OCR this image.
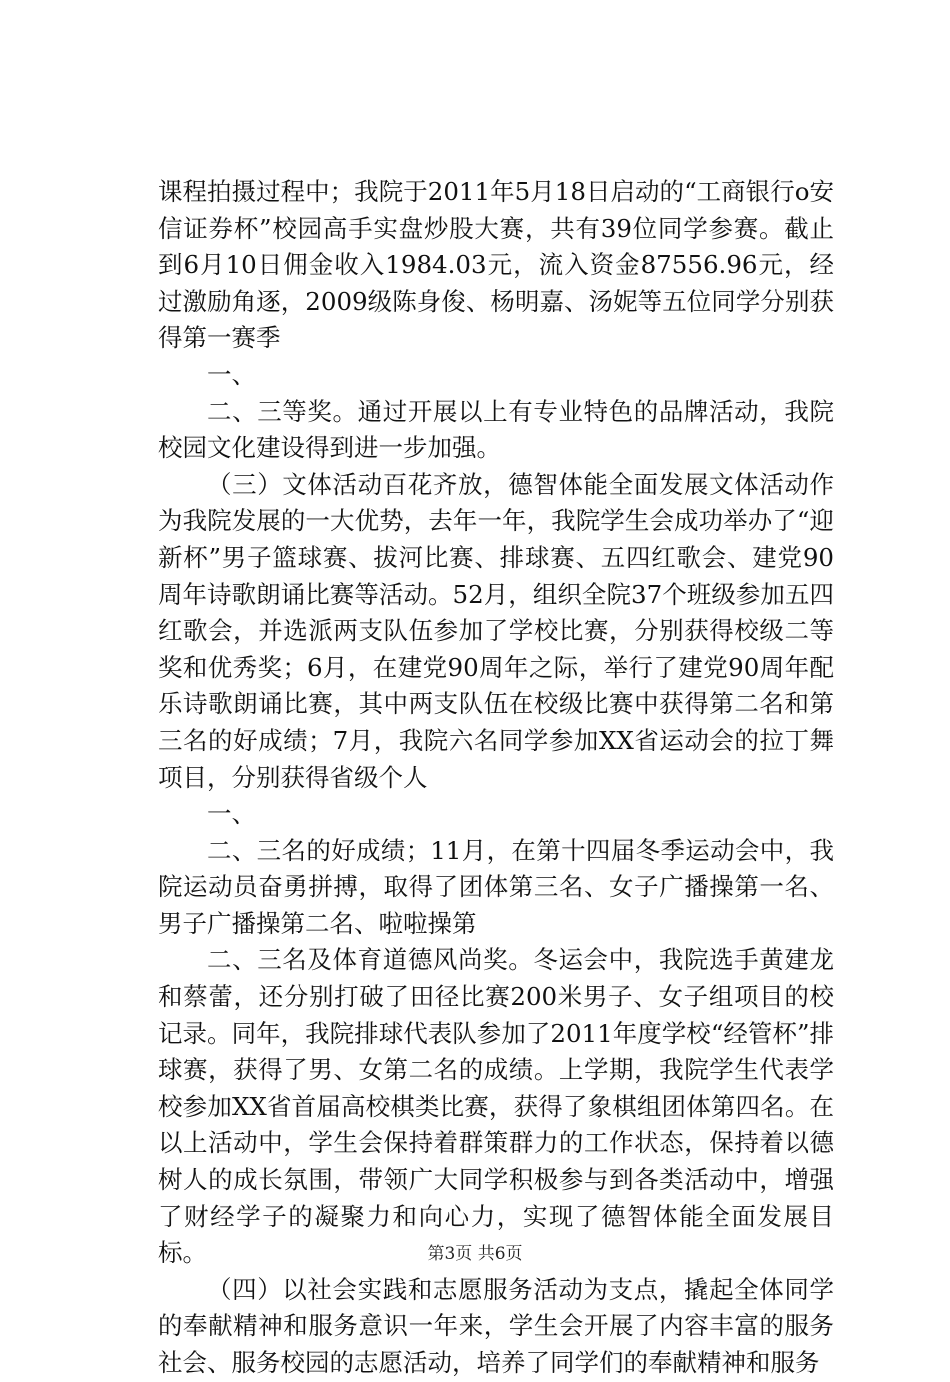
课程拍摄过程中；我院于2011年5月18日启动的“工商银行o安信证券杯”校园高手实盘炒股大赛，共有39位同学参赛。截止到6月10日佣金收入1984.03元，流入资金87556.96元，经过激励角逐，2009级陈身俊、杨明嘉、汤妮等五位同学分别获得第一赛季

一、

二、三等奖。通过开展以上有专业特色的品牌活动，我院校园文化建设得到进一步加强。

（三）文体活动百花齐放，德智体能全面发展文体活动作为我院发展的一大优势，去年一年，我院学生会成功举办了“迎新杯”男子篮球赛、拔河比赛、排球赛、五四红歌会、建党90周年诗歌朗诵比赛等活动。52月，组织全院37个班级参加五四红歌会，并选派两支队伍参加了学校比赛，分别获得校级二等奖和优秀奖；6月，在建党90周年之际，举行了建党90周年配乐诗歌朗诵比赛，其中两支队伍在校级比赛中获得第二名和第三名的好成绩；7月，我院六名同学参加XX省运动会的拉丁舞项目，分别获得省级个人

一、

二、三名的好成绩；11月，在第十四届冬季运动会中，我院运动员奋勇拼搏，取得了团体第三名、女子广播操第一名、男子广播操第二名、啦啦操第

二、三名及体育道德风尚奖。冬运会中，我院选手黄建龙和蔡蕾，还分别打破了田径比赛200米男子、女子组项目的校记录。同年，我院排球代表队参加了2011年度学校“经管杯”排球赛，获得了男、女第二名的成绩。上学期，我院学生代表学校参加XX省首届高校棋类比赛，获得了象棋组团体第四名。在以上活动中，学生会保持着群策群力的工作状态，保持着以德树人的成长氛围，带领广大同学积极参与到各类活动中，增强了财经学子的凝聚力和向心力，实现了德智体能全面发展目标。

（四）以社会实践和志愿服务活动为支点，撬起全体同学的奉献精神和服务意识一年来，学生会开展了内容丰富的服务社会、服务校园的志愿活动，培养了同学们的奉献精神和服务

第3页 共6页
